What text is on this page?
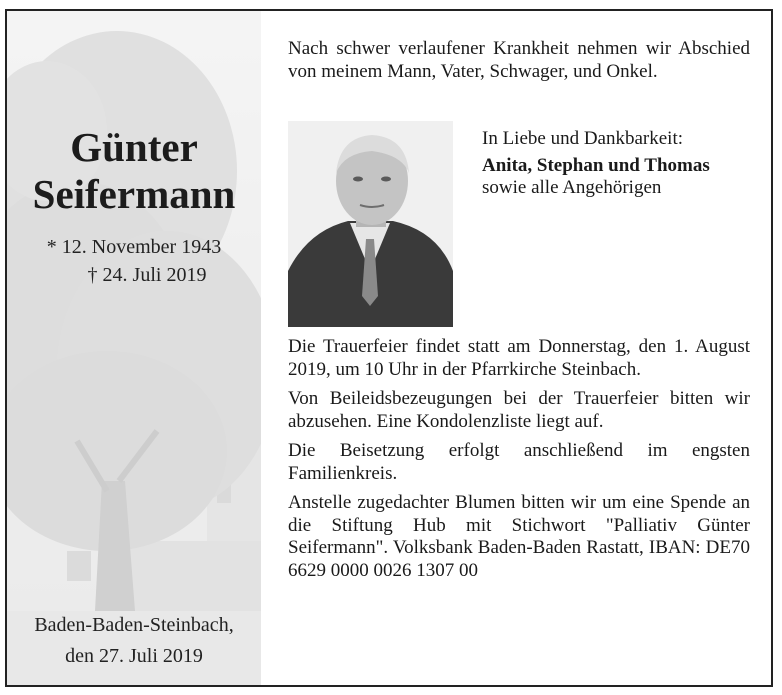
Günter
Seifermann
* 12. November 1943
† 24. Juli 2019
Baden-Baden-Steinbach,
den 27. Juli 2019

Nach schwer verlaufener Krankheit nehmen wir Abschied von meinem Mann, Vater, Schwager, und Onkel.

In Liebe und Dankbarkeit:
Anita, Stephan und Thomas
sowie alle Angehörigen

Die Trauerfeier findet statt am Donnerstag, den 1. August 2019, um 10 Uhr in der Pfarrkirche Steinbach.

Von Beileidsbezeugungen bei der Trauerfeier bitten wir abzusehen. Eine Kondolenzliste liegt auf.

Die Beisetzung erfolgt anschließend im engsten Familienkreis.

Anstelle zugedachter Blumen bitten wir um eine Spende an die Stiftung Hub mit Stichwort "Palliativ Günter Seifermann". Volksbank Baden-Baden Rastatt, IBAN: DE70 6629 0000 0026 1307 00
